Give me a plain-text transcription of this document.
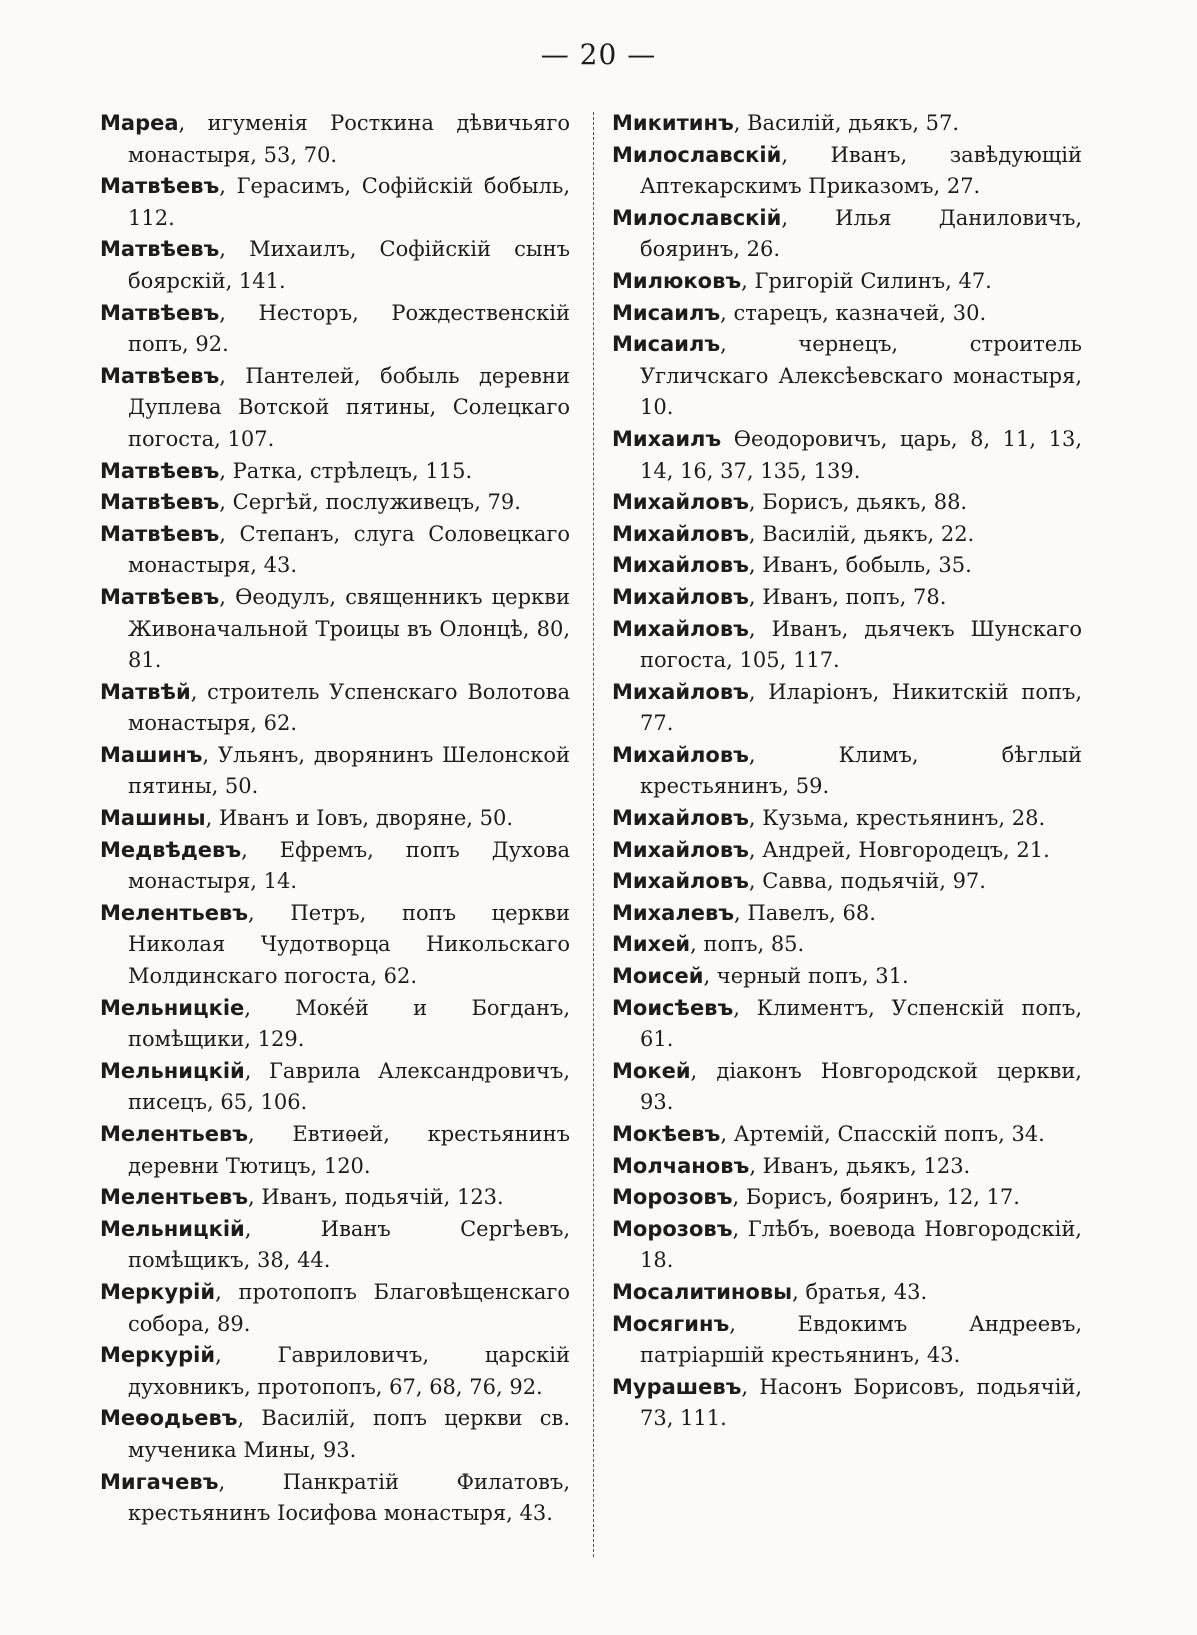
— 20 —
Мареа, игуменія Росткина дѣвичьяго монастыря, 53, 70.
Матвѣевъ, Герасимъ, Софійскій бобыль, 112.
Матвѣевъ, Михаилъ, Софійскій сынъ боярскій, 141.
Матвѣевъ, Несторъ, Рождественскій попъ, 92.
Матвѣевъ, Пантелей, бобыль деревни Дуплева Вотской пятины, Солецкаго погоста, 107.
Матвѣевъ, Ратка, стрѣлецъ, 115.
Матвѣевъ, Сергѣй, послуживецъ, 79.
Матвѣевъ, Степанъ, слуга Соловецкаго монастыря, 43.
Матвѣевъ, Ѳеодулъ, священникъ церкви Живоначальной Троицы въ Олонцѣ, 80, 81.
Матвѣй, строитель Успенскаго Волотова монастыря, 62.
Машинъ, Ульянъ, дворянинъ Шелонской пятины, 50.
Машины, Иванъ и Іовъ, дворяне, 50.
Медвѣдевъ, Ефремъ, попъ Духова монастыря, 14.
Мелентьевъ, Петръ, попъ церкви Николая Чудотворца Никольскаго Молдинскаго погоста, 62.
Мельницкіе, Моке́й и Богданъ, помѣщики, 129.
Мельницкій, Гаврила Александровичъ, писецъ, 65, 106.
Мелентьевъ, Евтиѳей, крестьянинъ деревни Тютицъ, 120.
Мелентьевъ, Иванъ, подьячій, 123.
Мельницкій, Иванъ Сергѣевъ, помѣщикъ, 38, 44.
Меркурій, протопопъ Благовѣщенскаго собора, 89.
Меркурій, Гавриловичъ, царскій духовникъ, протопопъ, 67, 68, 76, 92.
Меѳодьевъ, Василій, попъ церкви св. мученика Мины, 93.
Мигачевъ, Панкратій Филатовъ, крестьянинъ Іосифова монастыря, 43.
Микитинъ, Василій, дьякъ, 57.
Милославскій, Иванъ, завѣдующій Аптекарскимъ Приказомъ, 27.
Милославскій, Илья Даниловичъ, бояринъ, 26.
Милюковъ, Григорій Силинъ, 47.
Мисаилъ, старецъ, казначей, 30.
Мисаилъ, чернецъ, строитель Угличскаго Алексѣевскаго монастыря, 10.
Михаилъ Ѳеодоровичъ, царь, 8, 11, 13, 14, 16, 37, 135, 139.
Михайловъ, Борисъ, дьякъ, 88.
Михайловъ, Василій, дьякъ, 22.
Михайловъ, Иванъ, бобыль, 35.
Михайловъ, Иванъ, попъ, 78.
Михайловъ, Иванъ, дьячекъ Шунскаго погоста, 105, 117.
Михайловъ, Иларіонъ, Никитскій попъ, 77.
Михайловъ, Климъ, бѣглый крестьянинъ, 59.
Михайловъ, Кузьма, крестьянинъ, 28.
Михайловъ, Андрей, Новгородецъ, 21.
Михайловъ, Савва, подьячій, 97.
Михалевъ, Павелъ, 68.
Михей, попъ, 85.
Моисей, черный попъ, 31.
Моисѣевъ, Климентъ, Успенскій попъ, 61.
Мокей, діаконъ Новгородской церкви, 93.
Мокѣевъ, Артемій, Спасскій попъ, 34.
Молчановъ, Иванъ, дьякъ, 123.
Морозовъ, Борисъ, бояринъ, 12, 17.
Морозовъ, Глѣбъ, воевода Новгородскій, 18.
Мосалитиновы, братья, 43.
Мосягинъ, Евдокимъ Андреевъ, патріаршій крестьянинъ, 43.
Мурашевъ, Насонъ Борисовъ, подьячій, 73, 111.
